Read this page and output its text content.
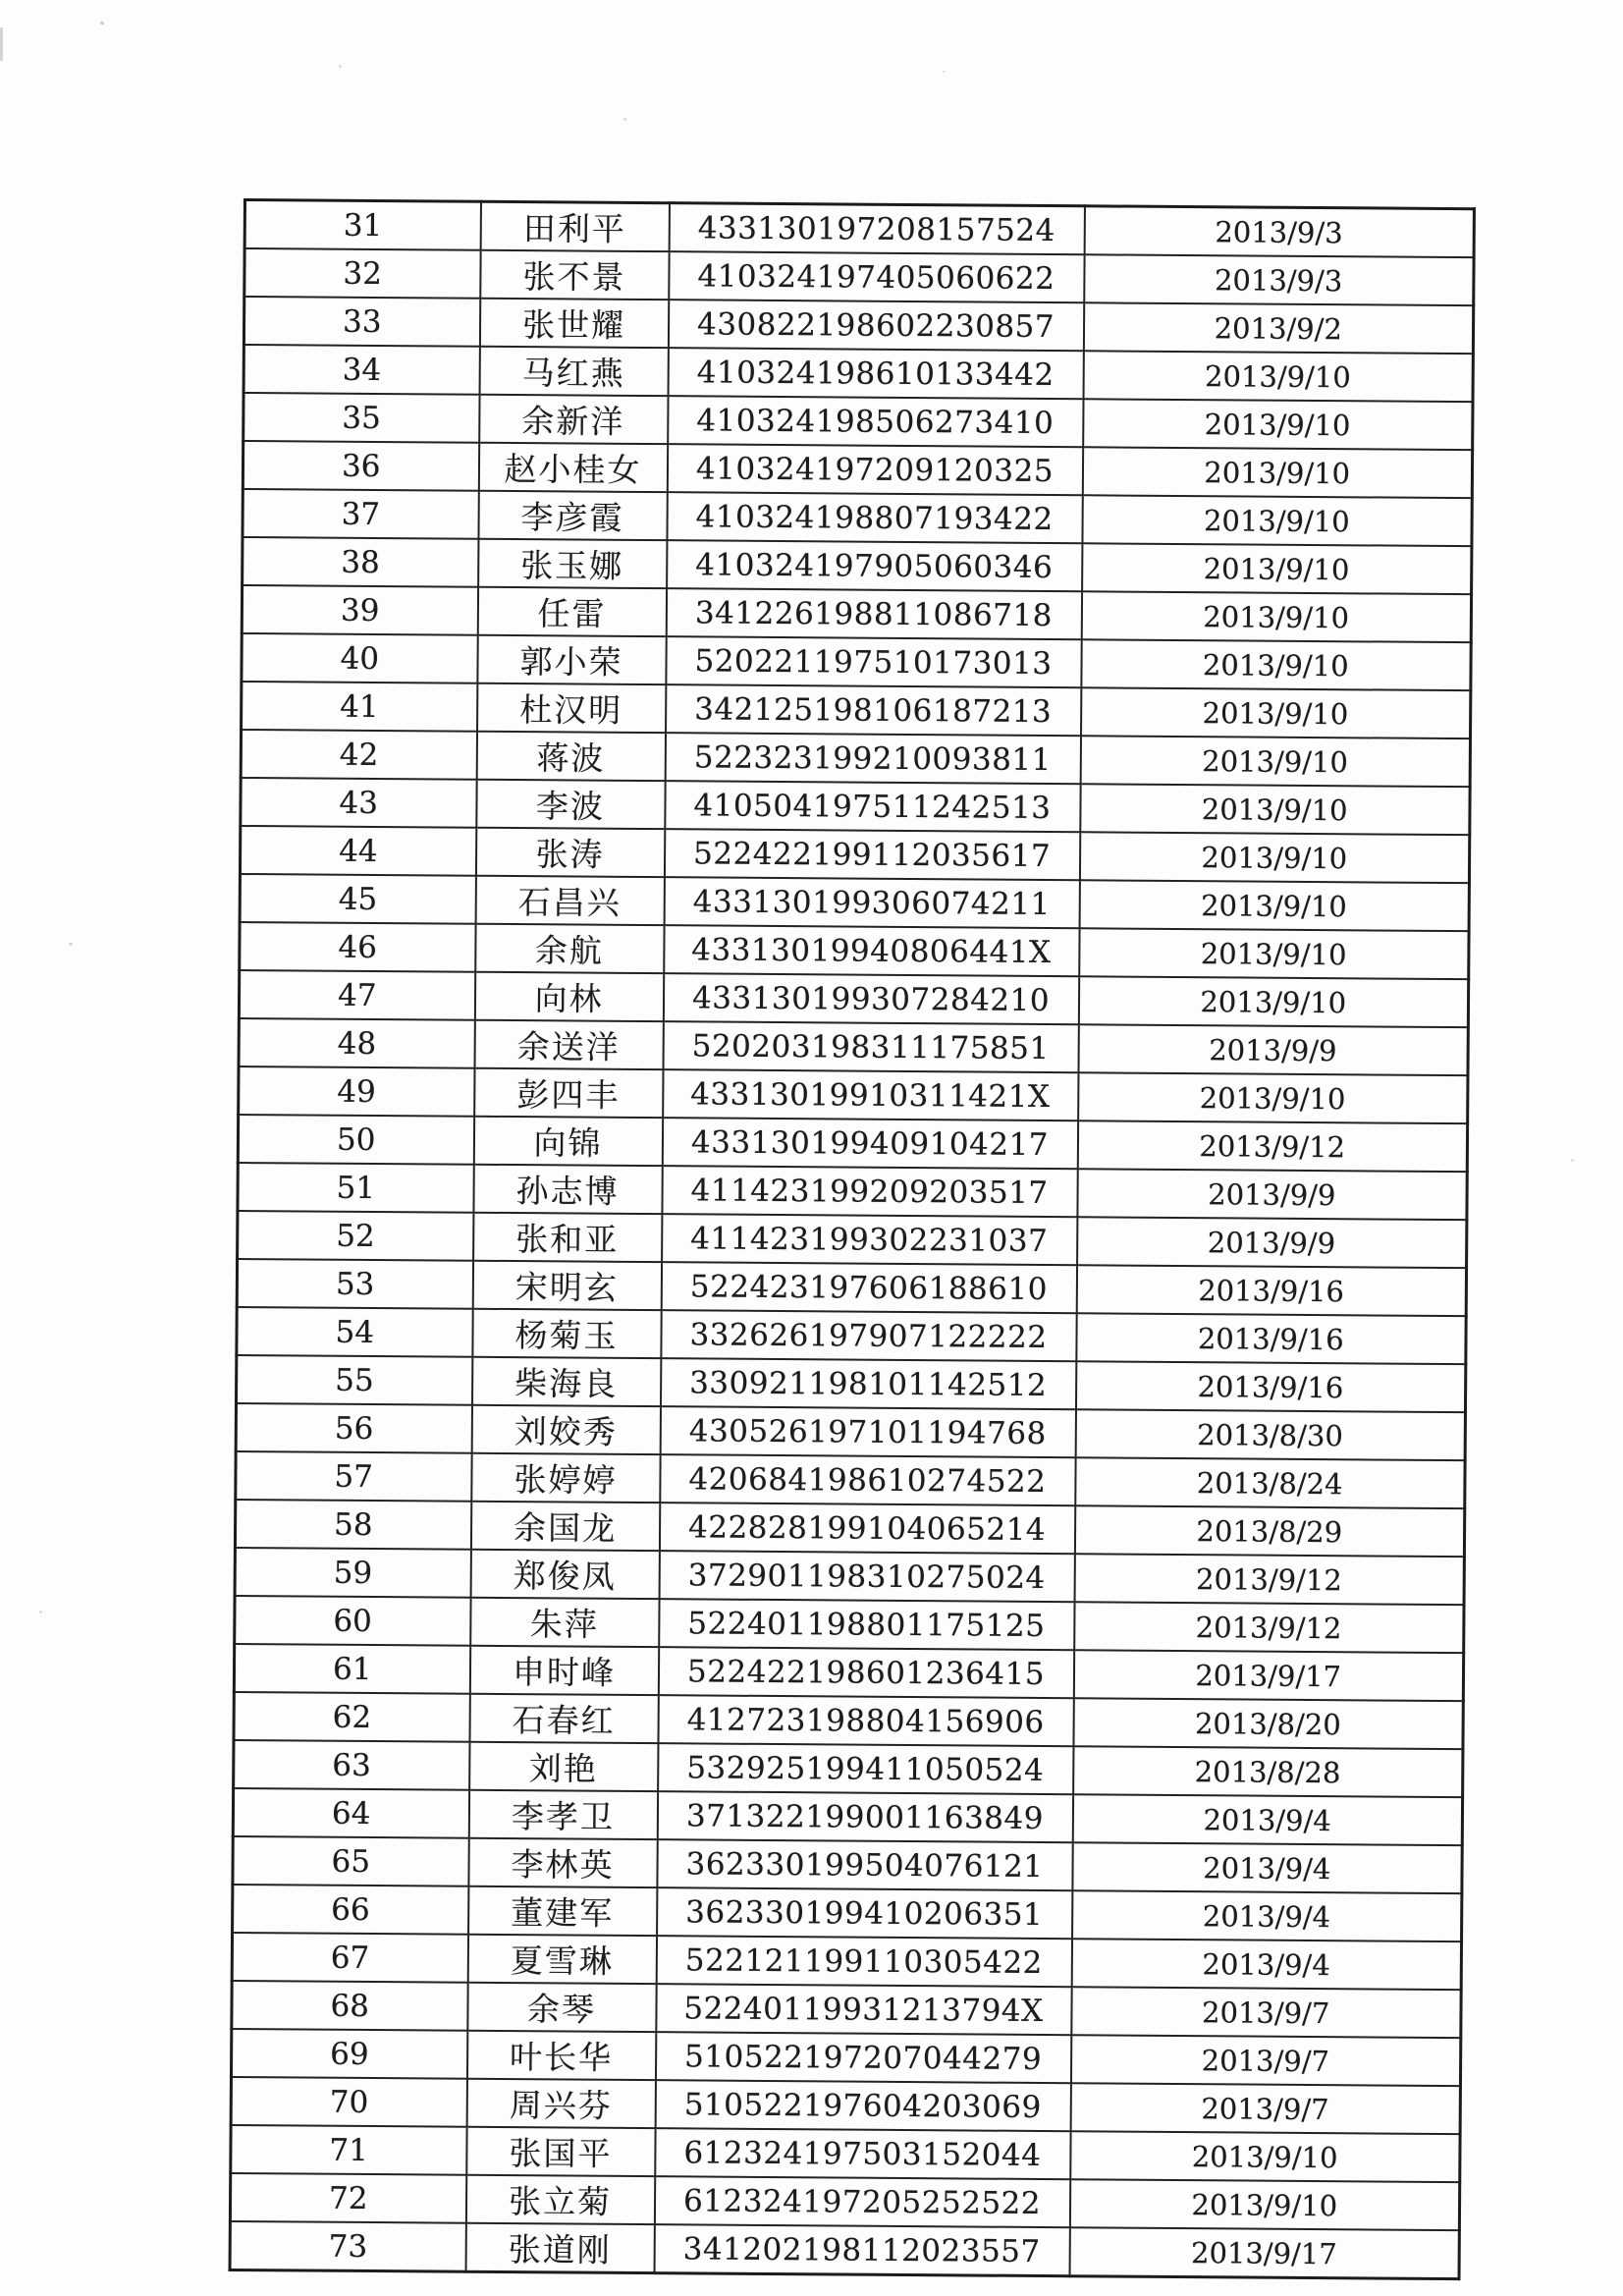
31	田利平	433130197208157524	2013/9/3
32	张不景	410324197405060622	2013/9/3
33	张世耀	430822198602230857	2013/9/2
34	马红燕	410324198610133442	2013/9/10
35	余新洋	410324198506273410	2013/9/10
36	赵小桂女	410324197209120325	2013/9/10
37	李彦霞	410324198807193422	2013/9/10
38	张玉娜	410324197905060346	2013/9/10
39	任雷	341226198811086718	2013/9/10
40	郭小荣	520221197510173013	2013/9/10
41	杜汉明	342125198106187213	2013/9/10
42	蒋波	522323199210093811	2013/9/10
43	李波	410504197511242513	2013/9/10
44	张涛	522422199112035617	2013/9/10
45	石昌兴	433130199306074211	2013/9/10
46	余航	43313019940806441X	2013/9/10
47	向林	433130199307284210	2013/9/10
48	余送洋	520203198311175851	2013/9/9
49	彭四丰	43313019910311421X	2013/9/10
50	向锦	433130199409104217	2013/9/12
51	孙志博	411423199209203517	2013/9/9
52	张和亚	411423199302231037	2013/9/9
53	宋明玄	522423197606188610	2013/9/16
54	杨菊玉	332626197907122222	2013/9/16
55	柴海良	330921198101142512	2013/9/16
56	刘姣秀	430526197101194768	2013/8/30
57	张婷婷	420684198610274522	2013/8/24
58	余国龙	422828199104065214	2013/8/29
59	郑俊凤	372901198310275024	2013/9/12
60	朱萍	522401198801175125	2013/9/12
61	申时峰	522422198601236415	2013/9/17
62	石春红	412723198804156906	2013/8/20
63	刘艳	532925199411050524	2013/8/28
64	李孝卫	371322199001163849	2013/9/4
65	李林英	362330199504076121	2013/9/4
66	董建军	362330199410206351	2013/9/4
67	夏雪琳	522121199110305422	2013/9/4
68	余琴	52240119931213794X	2013/9/7
69	叶长华	510522197207044279	2013/9/7
70	周兴芬	510522197604203069	2013/9/7
71	张国平	612324197503152044	2013/9/10
72	张立菊	612324197205252522	2013/9/10
73	张道刚	341202198112023557	2013/9/17
